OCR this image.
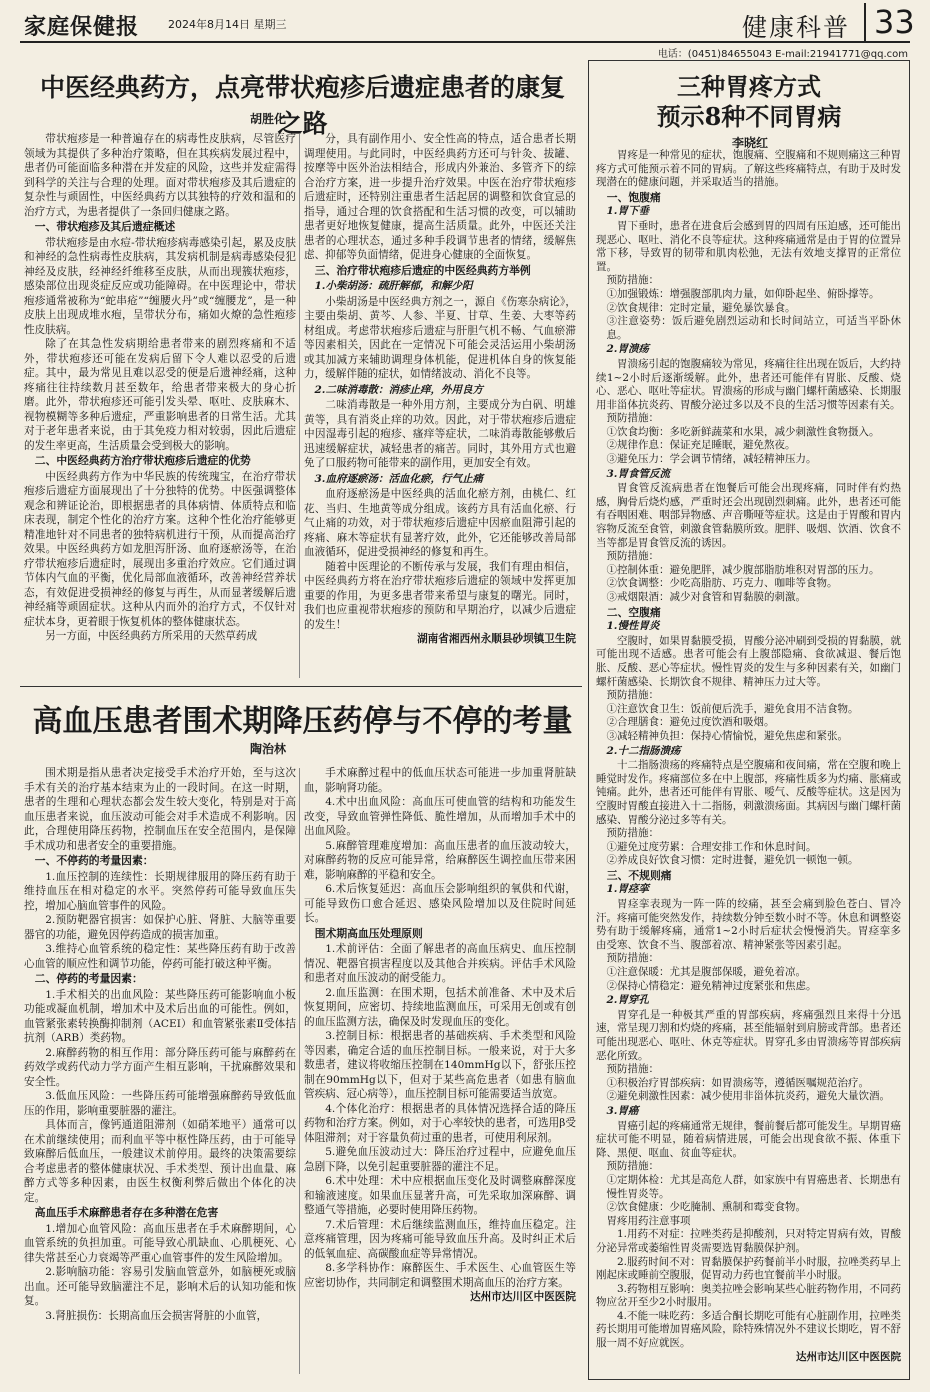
家庭保健报	2024年8月14日 星期三	健康科普 33
电话：(0451)84655043 E-mail:21941771@qq.com
中医经典药方，点亮带状疱疹后遗症患者的康复之路
胡胜化

带状疱疹是一种普遍存在的病毒性皮肤病，尽管医疗领域为其提供了多种治疗策略，但在其疾病发展过程中，患者仍可能面临多种潜在并发症的风险，这些并发症需得到科学的关注与合理的处理。面对带状疱疹及其后遗症的复杂性与顽固性，中医经典药方以其独特的疗效和温和的治疗方式，为患者提供了一条回归健康之路。

一、带状疱疹及其后遗症概述

带状疱疹是由水痘-带状疱疹病毒感染引起，累及皮肤和神经的急性病毒性皮肤病，其发病机制是病毒感染侵犯神经及皮肤，经神经纤维移至皮肤，从而出现簇状疱疹，感染部位出现炎症反应或功能障碍。在中医理论中，带状疱疹通常被称为“蛇串疮”“缠腰火丹”或“缠腰龙”，是一种皮肤上出现成堆水疱，呈带状分布，痛如火燎的急性疱疹性皮肤病。

除了在其急性发病期给患者带来的剧烈疼痛和不适外，带状疱疹还可能在发病后留下令人难以忍受的后遗症。其中，最为常见且难以忍受的便是后遗神经痛，这种疼痛往往持续数月甚至数年，给患者带来极大的身心折磨。此外，带状疱疹还可能引发头晕、呕吐、皮肤麻木、视物模糊等多种后遗症，严重影响患者的日常生活。尤其对于老年患者来说，由于其免疫力相对较弱，因此后遗症的发生率更高，生活质量会受到极大的影响。

二、中医经典药方治疗带状疱疹后遗症的优势

中医经典药方作为中华民族的传统瑰宝，在治疗带状疱疹后遗症方面展现出了十分独特的优势。中医强调整体观念和辨证论治，即根据患者的具体病情、体质特点和临床表现，制定个性化的治疗方案。这种个性化治疗能够更精准地针对不同患者的独特病机进行干预，从而提高治疗效果。中医经典药方如龙胆泻肝汤、血府逐瘀汤等，在治疗带状疱疹后遗症时，展现出多重治疗效应。它们通过调节体内气血的平衡，优化局部血液循环，改善神经营养状态，有效促进受损神经的修复与再生，从而显著缓解后遗神经痛等顽固症状。这种从内而外的治疗方式，不仅针对症状本身，更着眼于恢复机体的整体健康状态。

另一方面，中医经典药方所采用的天然草药成

分，具有副作用小、安全性高的特点，适合患者长期调理使用。与此同时，中医经典药方还可与针灸、拔罐、按摩等中医外治法相结合，形成内外兼治、多管齐下的综合治疗方案，进一步提升治疗效果。中医在治疗带状疱疹后遗症时，还特别注重患者生活起居的调整和饮食宜忌的指导，通过合理的饮食搭配和生活习惯的改变，可以辅助患者更好地恢复健康，提高生活质量。此外，中医还关注患者的心理状态，通过多种手段调节患者的情绪，缓解焦虑、抑郁等负面情绪，促进身心健康的全面恢复。

三、治疗带状疱疹后遗症的中医经典药方举例
1.小柴胡汤：疏肝解郁，和解少阳

小柴胡汤是中医经典方剂之一，源自《伤寒杂病论》，主要由柴胡、黄芩、人参、半夏、甘草、生姜、大枣等药材组成。考虑带状疱疹后遗症与肝胆气机不畅、气血瘀滞等因素相关，因此在一定情况下可能会灵活运用小柴胡汤或其加减方来辅助调理身体机能，促进机体自身的恢复能力，缓解伴随的症状，如情绪波动、消化不良等。

2.二味消毒散：消疹止痒，外用良方

二味消毒散是一种外用方剂，主要成分为白矾、明雄黄等，具有消炎止痒的功效。因此，对于带状疱疹后遗症中因湿毒引起的疱疹、瘙痒等症状，二味消毒散能够敷后迅速缓解症状，减轻患者的痛苦。同时，其外用方式也避免了口服药物可能带来的副作用，更加安全有效。

3.血府逐瘀汤：活血化瘀，行气止痛

血府逐瘀汤是中医经典的活血化瘀方剂，由桃仁、红花、当归、生地黄等成分组成。该药方具有活血化瘀、行气止痛的功效，对于带状疱疹后遗症中因瘀血阻滞引起的疼痛、麻木等症状有显著疗效，此外，它还能够改善局部血液循环，促进受损神经的修复和再生。

随着中医理论的不断传承与发展，我们有理由相信，中医经典药方将在治疗带状疱疹后遗症的领域中发挥更加重要的作用，为更多患者带来希望与康复的曙光。同时，我们也应重视带状疱疹的预防和早期治疗，以减少后遗症的发生！

湖南省湘西州永顺县砂坝镇卫生院

高血压患者围术期降压药停与不停的考量
陶治林

围术期是指从患者决定接受手术治疗开始，至与这次手术有关的治疗基本结束为止的一段时间。在这一时期，患者的生理和心理状态都会发生较大变化，特别是对于高血压患者来说，血压波动可能会对手术造成不利影响。因此，合理使用降压药物，控制血压在安全范围内，是保障手术成功和患者安全的重要措施。

一、不停药的考量因素：

1.血压控制的连续性：长期规律服用的降压药有助于维持血压在相对稳定的水平。突然停药可能导致血压失控，增加心脑血管事件的风险。

2.预防靶器官损害：如保护心脏、肾脏、大脑等重要器官的功能，避免因停药造成的损害加重。

3.维持心血管系统的稳定性：某些降压药有助于改善心血管的顺应性和调节功能，停药可能打破这种平衡。

二、停药的考量因素：

1.手术相关的出血风险：某些降压药可能影响血小板功能或凝血机制，增加术中及术后出血的可能性。例如，血管紧张素转换酶抑制剂（ACEI）和血管紧张素Ⅱ受体拮抗剂（ARB）类药物。

2.麻醉药物的相互作用：部分降压药可能与麻醉药在药效学或药代动力学方面产生相互影响，干扰麻醉效果和安全性。

3.低血压风险：一些降压药可能增强麻醉药导致低血压的作用，影响重要脏器的灌注。

具体而言，像钙通道阻滞剂（如硝苯地平）通常可以在术前继续使用；而利血平等中枢性降压药，由于可能导致麻醉后低血压，一般建议术前停用。最终的决策需要综合考虑患者的整体健康状况、手术类型、预计出血量、麻醉方式等多种因素，由医生权衡利弊后做出个体化的决定。

高血压手术麻醉患者存在多种潜在危害

1.增加心血管风险：高血压患者在手术麻醉期间，心血管系统的负担加重。可能导致心肌缺血、心肌梗死、心律失常甚至心力衰竭等严重心血管事件的发生风险增加。

2.影响脑功能：容易引发脑血管意外，如脑梗死或脑出血。还可能导致脑灌注不足，影响术后的认知功能和恢复。

3.肾脏损伤：长期高血压会损害肾脏的小血管，

手术麻醉过程中的低血压状态可能进一步加重肾脏缺血，影响肾功能。

4.术中出血风险：高血压可使血管的结构和功能发生改变，导致血管弹性降低、脆性增加，从而增加手术中的出血风险。

5.麻醉管理难度增加：高血压患者的血压波动较大，对麻醉药物的反应可能异常，给麻醉医生调控血压带来困难，影响麻醉的平稳和安全。

6.术后恢复延迟：高血压会影响组织的氧供和代谢，可能导致伤口愈合延迟、感染风险增加以及住院时间延长。

围术期高血压处理原则

1.术前评估：全面了解患者的高血压病史、血压控制情况、靶器官损害程度以及其他合并疾病。评估手术风险和患者对血压波动的耐受能力。

2.血压监测：在围术期，包括术前准备、术中及术后恢复期间，应密切、持续地监测血压，可采用无创或有创的血压监测方法，确保及时发现血压的变化。

3.控制目标：根据患者的基础疾病、手术类型和风险等因素，确定合适的血压控制目标。一般来说，对于大多数患者，建议将收缩压控制在140mmHg以下，舒张压控制在90mmHg以下，但对于某些高危患者（如患有脑血管疾病、冠心病等），血压控制目标可能需要适当放宽。

4.个体化治疗：根据患者的具体情况选择合适的降压药物和治疗方案。例如，对于心率较快的患者，可选用β受体阻滞剂；对于容量负荷过重的患者，可使用利尿剂。

5.避免血压波动过大：降压治疗过程中，应避免血压急剧下降，以免引起重要脏器的灌注不足。

6.术中处理：术中应根据血压变化及时调整麻醉深度和输液速度。如果血压显著升高，可先采取加深麻醉、调整通气等措施，必要时使用降压药物。

7.术后管理：术后继续监测血压，维持血压稳定。注意疼痛管理，因为疼痛可能导致血压升高。及时纠正术后的低氧血症、高碳酸血症等异常情况。

8.多学科协作：麻醉医生、手术医生、心血管医生等应密切协作，共同制定和调整围术期高血压的治疗方案。

达州市达川区中医医院

三种胃疼方式
预示8种不同胃病
李晓红

胃疼是一种常见的症状，饱腹痛、空腹痛和不规则痛这三种胃疼方式可能预示着不同的胃病。了解这些疼痛特点，有助于及时发现潜在的健康问题，并采取适当的措施。

一、饱腹痛
1.胃下垂

胃下垂时，患者在进食后会感到胃的四周有压迫感，还可能出现恶心、呕吐、消化不良等症状。这种疼痛通常是由于胃的位置异常下移，导致胃的韧带和肌肉松弛，无法有效地支撑胃的正常位置。

预防措施：

①加强锻炼：增强腹部肌肉力量，如仰卧起坐、俯卧撑等。

②饮食规律：定时定量，避免暴饮暴食。

③注意姿势：饭后避免剧烈运动和长时间站立，可适当平卧休息。

2.胃溃疡

胃溃疡引起的饱腹痛较为常见，疼痛往往出现在饭后，大约持续1~2小时后逐渐缓解。此外，患者还可能伴有胃胀、反酸、烧心、恶心、呕吐等症状。胃溃疡的形成与幽门螺杆菌感染、长期服用非甾体抗炎药、胃酸分泌过多以及不良的生活习惯等因素有关。

预防措施：

①饮食均衡：多吃新鲜蔬菜和水果，减少刺激性食物摄入。

②规律作息：保证充足睡眠，避免熬夜。

③避免压力：学会调节情绪，减轻精神压力。

3.胃食管反流

胃食管反流病患者在饱餐后可能会出现疼痛，同时伴有灼热感，胸骨后烧灼感，严重时还会出现剧烈刺痛。此外，患者还可能有吞咽困难、咽部异物感、声音嘶哑等症状。这是由于胃酸和胃内容物反流至食管，刺激食管黏膜所致。肥胖、吸烟、饮酒、饮食不当等都是胃食管反流的诱因。

预防措施：

①控制体重：避免肥胖，减少腹部脂肪堆积对胃部的压力。

②饮食调整：少吃高脂肪、巧克力、咖啡等食物。

③戒烟限酒：减少对食管和胃黏膜的刺激。

二、空腹痛
1.慢性胃炎

空腹时，如果胃黏膜受损，胃酸分泌冲刷到受损的胃黏膜，就可能出现不适感。患者可能会有上腹部隐痛、食欲减退、餐后饱胀、反酸、恶心等症状。慢性胃炎的发生与多种因素有关，如幽门螺杆菌感染、长期饮食不规律、精神压力过大等。

预防措施：

①注意饮食卫生：饭前便后洗手，避免食用不洁食物。

②合理膳食：避免过度饮酒和吸烟。

③减轻精神负担：保持心情愉悦，避免焦虑和紧张。

2.十二指肠溃疡

十二指肠溃疡的疼痛特点是空腹痛和夜间痛，常在空腹和晚上睡觉时发作。疼痛部位多在中上腹部，疼痛性质多为灼痛、胀痛或钝痛。此外，患者还可能伴有胃胀、嗳气、反酸等症状。这是因为空腹时胃酸直接进入十二指肠，刺激溃疡面。其病因与幽门螺杆菌感染、胃酸分泌过多等有关。

预防措施：

①避免过度劳累：合理安排工作和休息时间。

②养成良好饮食习惯：定时进餐，避免饥一顿饱一顿。

三、不规则痛
1.胃痉挛

胃痉挛表现为一阵一阵的绞痛，甚至会痛到脸色苍白、冒冷汗。疼痛可能突然发作，持续数分钟至数小时不等。休息和调整姿势有助于缓解疼痛，通常1~2小时后症状会慢慢消失。胃痉挛多由受寒、饮食不当、腹部着凉、精神紧张等因素引起。

预防措施：

①注意保暖：尤其是腹部保暖，避免着凉。

②保持心情稳定：避免精神过度紧张和焦虑。

2.胃穿孔

胃穿孔是一种极其严重的胃部疾病，疼痛强烈且来得十分迅速，常呈现刀割和灼烧的疼痛，甚至能辐射到肩膀或背部。患者还可能出现恶心、呕吐、休克等症状。胃穿孔多由胃溃疡等胃部疾病恶化所致。

预防措施：

①积极治疗胃部疾病：如胃溃疡等，遵循医嘱规范治疗。

②避免刺激性因素：减少使用非甾体抗炎药，避免大量饮酒。

3.胃癌

胃癌引起的疼痛通常无规律，餐前餐后都可能发生。早期胃癌症状可能不明显，随着病情进展，可能会出现食欲不振、体重下降、黑便、呕血、贫血等症状。

预防措施：

①定期体检：尤其是高危人群，如家族中有胃癌患者、长期患有慢性胃炎等。

②饮食健康：少吃腌制、熏制和霉变食物。

胃疼用药注意事项

1.用药不对症：拉唑类药是抑酸剂，只对特定胃病有效，胃酸分泌异常或萎缩性胃炎需要选胃黏膜保护剂。

2.服药时间不对：胃黏膜保护药餐前半小时服，拉唑类药早上刚起床或睡前空腹服，促胃动力药也宜餐前半小时服。

3.药物相互影响：奥美拉唑会影响某些心脏药物作用，不同药物应岔开至少2小时服用。

4.不能一味吃药：多适合酮长期吃可能有心脏副作用，拉唑类药长期用可能增加胃癌风险，除特殊情况外不建议长期吃，胃不舒服一周不好应就医。

达州市达川区中医医院
